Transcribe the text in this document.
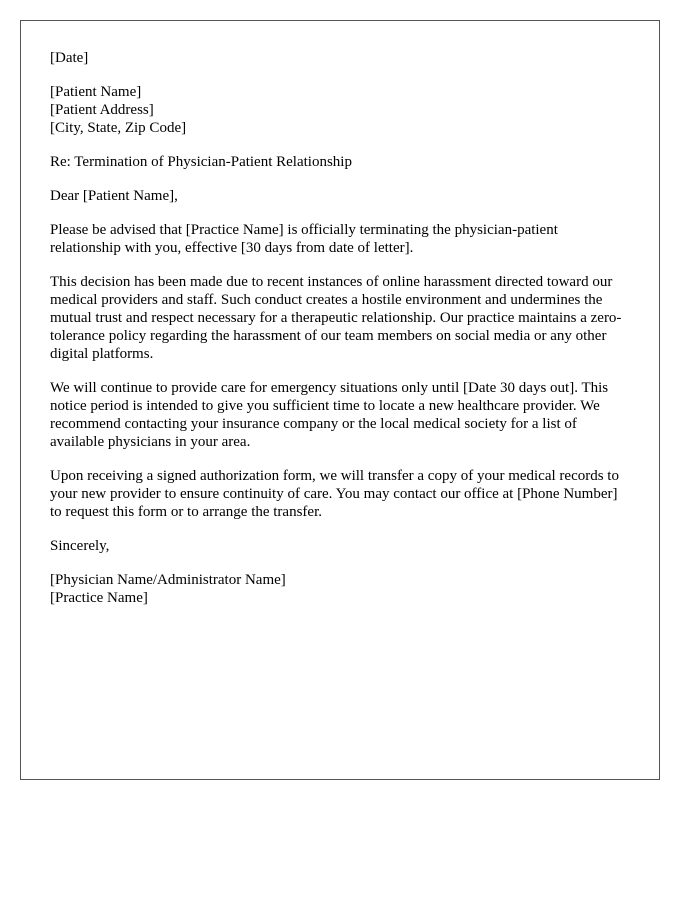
[Date]

[Patient Name]
[Patient Address]
[City, State, Zip Code]

Re: Termination of Physician-Patient Relationship

Dear [Patient Name],

Please be advised that [Practice Name] is officially terminating the physician-patient relationship with you, effective [30 days from date of letter].

This decision has been made due to recent instances of online harassment directed toward our medical providers and staff. Such conduct creates a hostile environment and undermines the mutual trust and respect necessary for a therapeutic relationship. Our practice maintains a zero-tolerance policy regarding the harassment of our team members on social media or any other digital platforms.

We will continue to provide care for emergency situations only until [Date 30 days out]. This notice period is intended to give you sufficient time to locate a new healthcare provider. We recommend contacting your insurance company or the local medical society for a list of available physicians in your area.

Upon receiving a signed authorization form, we will transfer a copy of your medical records to your new provider to ensure continuity of care. You may contact our office at [Phone Number] to request this form or to arrange the transfer.

Sincerely,

[Physician Name/Administrator Name]
[Practice Name]
